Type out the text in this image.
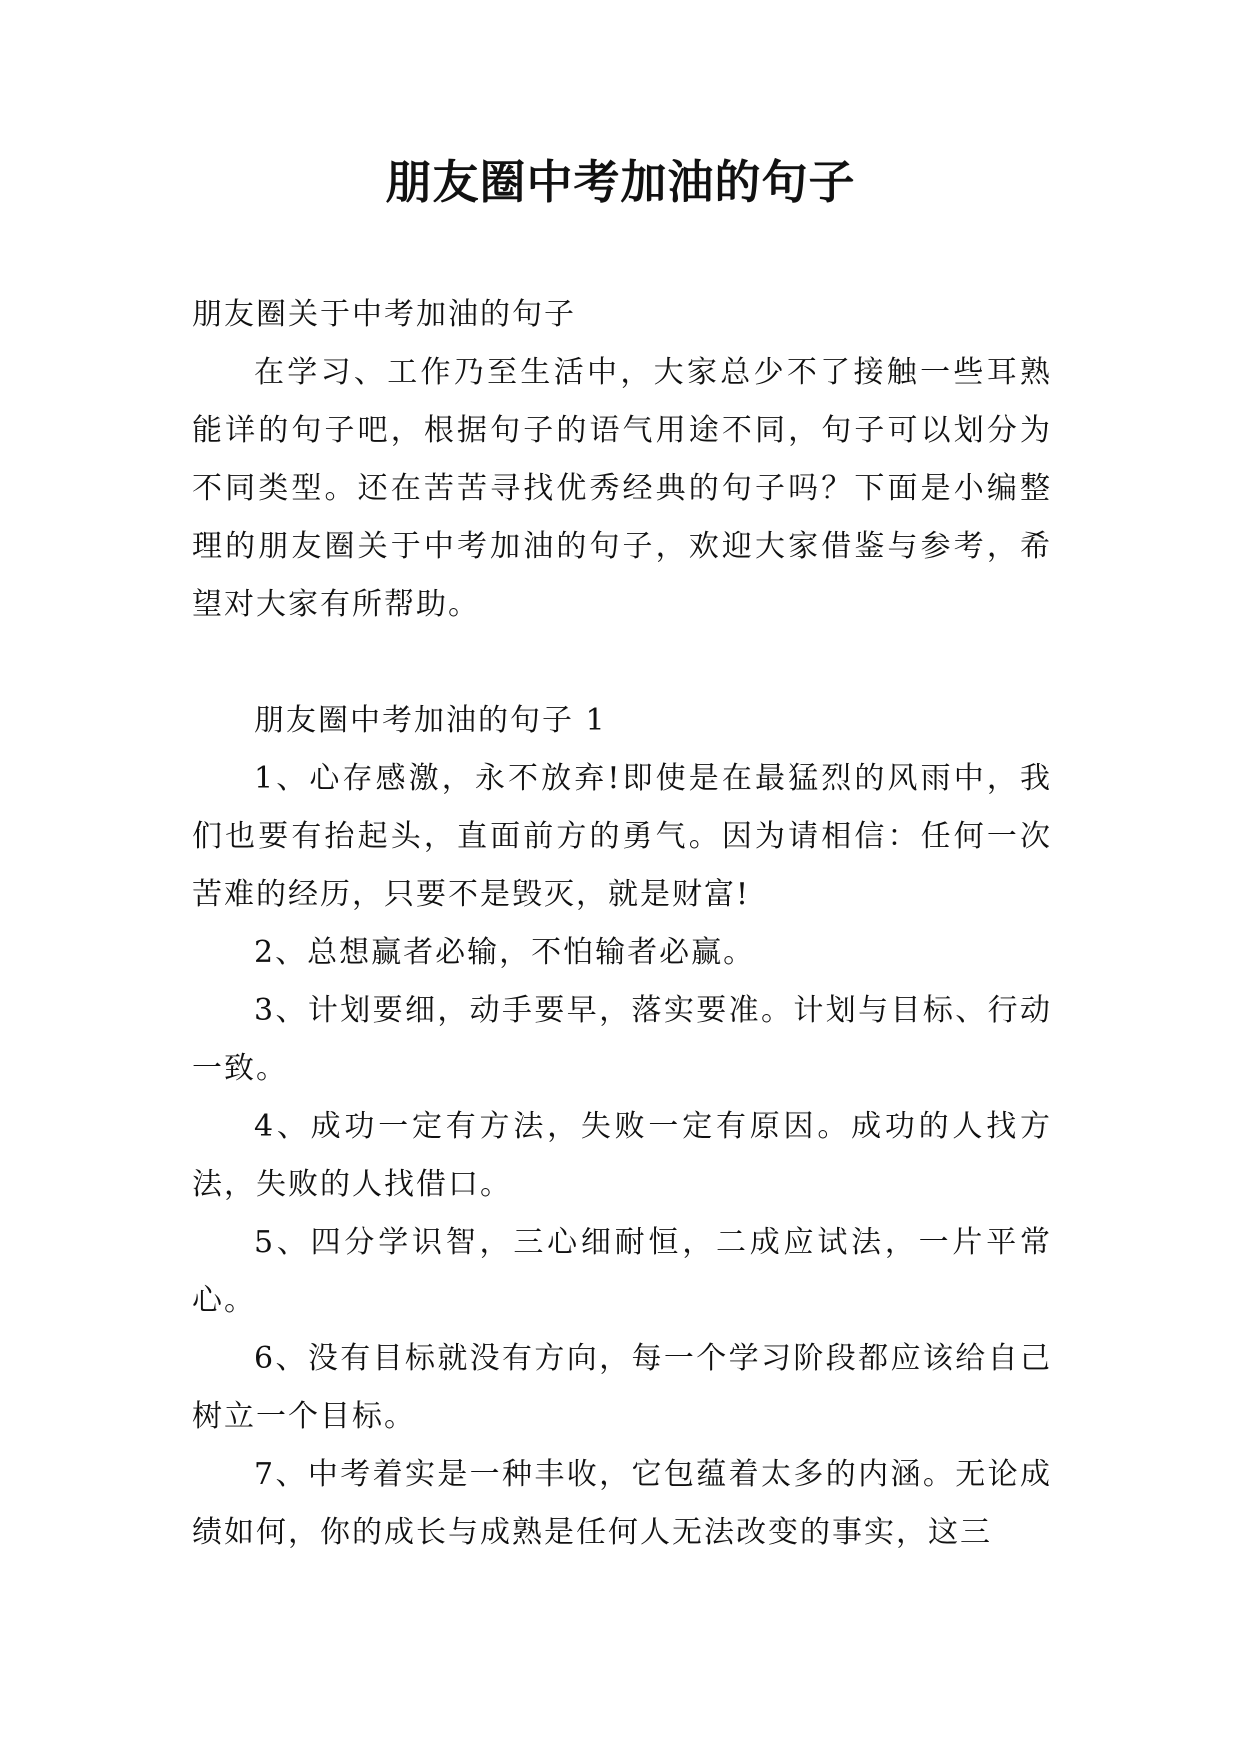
朋友圈中考加油的句子

朋友圈关于中考加油的句子

在学习、工作乃至生活中，大家总少不了接触一些耳熟能详的句子吧，根据句子的语气用途不同，句子可以划分为不同类型。还在苦苦寻找优秀经典的句子吗？下面是小编整理的朋友圈关于中考加油的句子，欢迎大家借鉴与参考，希望对大家有所帮助。

朋友圈中考加油的句子 1

1、心存感激，永不放弃!即使是在最猛烈的风雨中，我们也要有抬起头，直面前方的勇气。因为请相信：任何一次苦难的经历，只要不是毁灭，就是财富!

2、总想赢者必输，不怕输者必赢。

3、计划要细，动手要早，落实要准。计划与目标、行动一致。

4、成功一定有方法，失败一定有原因。成功的人找方法，失败的人找借口。

5、四分学识智，三心细耐恒，二成应试法，一片平常心。

6、没有目标就没有方向，每一个学习阶段都应该给自己树立一个目标。

7、中考着实是一种丰收，它包蕴着太多的内涵。无论成绩如何，你的成长与成熟是任何人无法改变的事实，这三
